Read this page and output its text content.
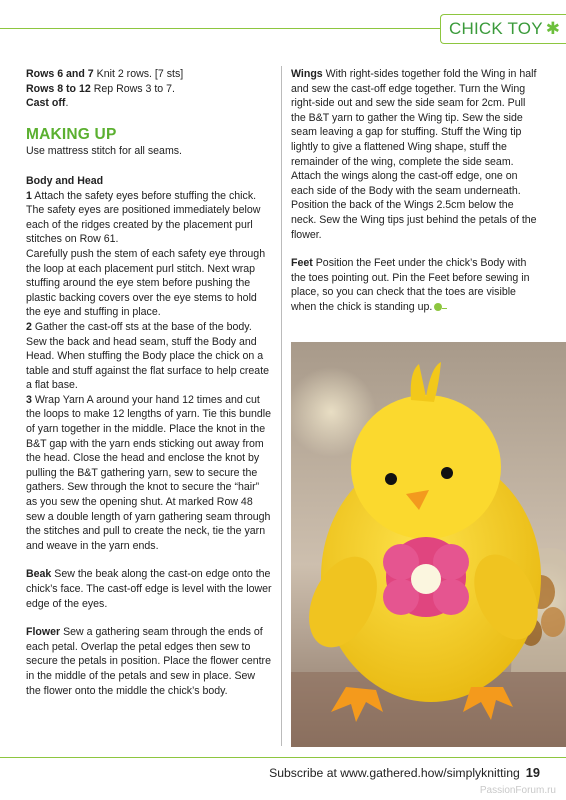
CHICK TOY ✱
Rows 6 and 7 Knit 2 rows. [7 sts]
Rows 8 to 12 Rep Rows 3 to 7.
Cast off.
MAKING UP

Use mattress stitch for all seams.

Body and Head
1 Attach the safety eyes before stuffing the chick. The safety eyes are positioned immediately below each of the ridges created by the placement purl stitches on Row 61.
Carefully push the stem of each safety eye through the loop at each placement purl stitch. Next wrap stuffing around the eye stem before pushing the plastic backing covers over the eye stems to hold the eye and stuffing in place.
2 Gather the cast-off sts at the base of the body. Sew the back and head seam, stuff the Body and Head. When stuffing the Body place the chick on a table and stuff against the flat surface to help create a flat base.

3 Wrap Yarn A around your hand 12 times and cut the loops to make 12 lengths of yarn. Tie this bundle of yarn together in the middle. Place the knot in the B&T gap with the yarn ends sticking out away from the head. Close the head and enclose the knot by pulling the B&T gathering yarn, sew to secure the gathers. Sew through the knot to secure the “hair” as you sew the opening shut. At marked Row 48 sew a double length of yarn gathering seam through the stitches and pull to create the neck, tie the yarn and weave in the yarn ends.

Beak Sew the beak along the cast-on edge onto the chick’s face. The cast-off edge is level with the lower edge of the eyes.

Flower Sew a gathering seam through the ends of each petal. Overlap the petal edges then sew to secure the petals in position. Place the flower centre in the middle of the petals and sew in place. Sew the flower onto the middle the chick’s body.

Wings With right-sides together fold the Wing in half and sew the cast-off edge together. Turn the Wing right-side out and sew the side seam for 2cm. Pull the B&T yarn to gather the Wing tip. Sew the side seam leaving a gap for stuffing. Stuff the Wing tip lightly to give a flattened Wing shape, stuff the remainder of the wing, complete the side seam. Attach the wings along the cast-off edge, one on each side of the Body with the seam underneath. Position the back of the Wings 2.5cm below the neck. Sew the Wing tips just behind the petals of the flower.

Feet Position the Feet under the chick’s Body with the toes pointing out. Pin the Feet before sewing in place, so you can check that the toes are visible when the chick is standing up.

Subscribe at www.gathered.how/simplyknitting 19
PassionForum.ru
